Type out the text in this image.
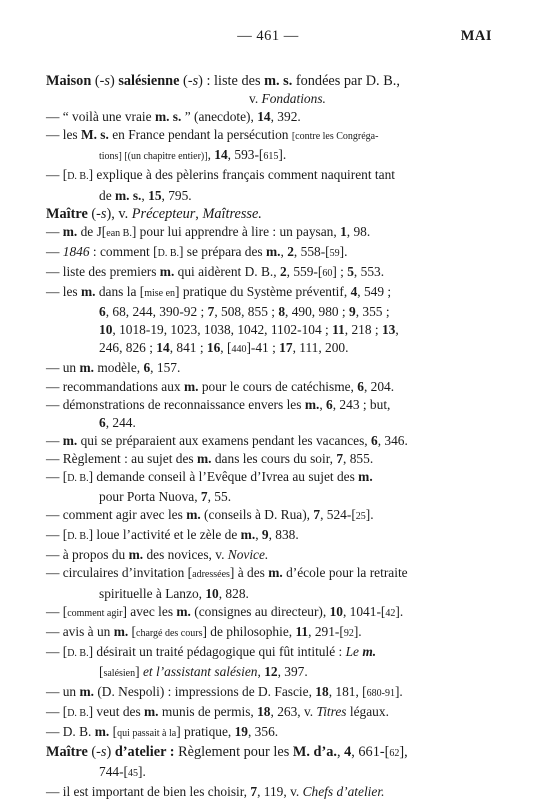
— 461 —	MAI
Maison (-s) salésienne (-s) : liste des m. s. fondées par D. B.,
v. Fondations.
— “ voilà une vraie m. s. ” (anecdote), 14, 392.
— les M. s. en France pendant la persécution [contre les Congréga-
tions] [(un chapitre entier)], 14, 593-[615].
— [D. B.] explique à des pèlerins français comment naquirent tant
de m. s., 15, 795.
Maître (-s), v. Précepteur, Maîtresse.
— m. de J[ean B.] pour lui apprendre à lire : un paysan, 1, 98.
— 1846 : comment [D. B.] se prépara des m., 2, 558-[59].
— liste des premiers m. qui aidèrent D. B., 2, 559-[60] ; 5, 553.
— les m. dans la [mise en] pratique du Système préventif, 4, 549 ;
6, 68, 244, 390-92 ; 7, 508, 855 ; 8, 490, 980 ; 9, 355 ;
10, 1018-19, 1023, 1038, 1042, 1102-104 ; 11, 218 ; 13,
246, 826 ; 14, 841 ; 16, [440]-41 ; 17, 111, 200.
— un m. modèle, 6, 157.
— recommandations aux m. pour le cours de catéchisme, 6, 204.
— démonstrations de reconnaissance envers les m., 6, 243 ; but,
6, 244.
— m. qui se préparaient aux examens pendant les vacances, 6, 346.
— Règlement : au sujet des m. dans les cours du soir, 7, 855.
— [D. B.] demande conseil à l’Evêque d’Ivrea au sujet des m.
pour Porta Nuova, 7, 55.
— comment agir avec les m. (conseils à D. Rua), 7, 524-[25].
— [D. B.] loue l’activité et le zèle de m., 9, 838.
— à propos du m. des novices, v. Novice.
— circulaires d’invitation [adressées] à des m. d’école pour la retraite
spirituelle à Lanzo, 10, 828.
— [comment agir] avec les m. (consignes au directeur), 10, 1041-[42].
— avis à un m. [chargé des cours] de philosophie, 11, 291-[92].
— [D. B.] désirait un traité pédagogique qui fût intitulé : Le m.
[salésien] et l’assistant salésien, 12, 397.
— un m. (D. Nespoli) : impressions de D. Fascie, 18, 181, [680-91].
— [D. B.] veut des m. munis de permis, 18, 263, v. Titres légaux.
— D. B. m. [qui passait à la] pratique, 19, 356.
Maître (-s) d’atelier : Règlement pour les M. d’a., 4, 661-[62],
744-[45].
— il est important de bien les choisir, 7, 119, v. Chefs d’atelier.
